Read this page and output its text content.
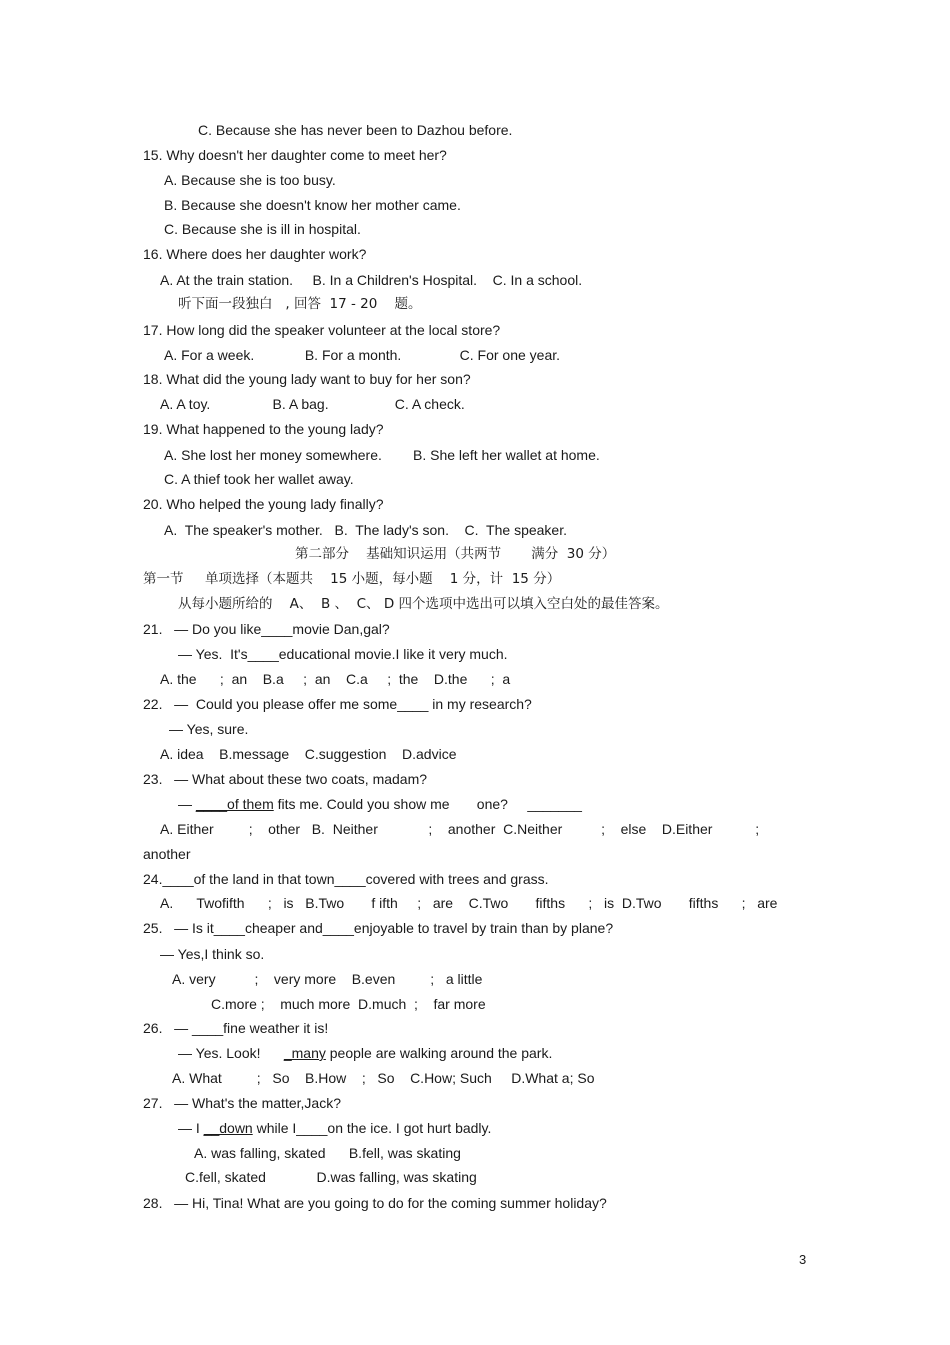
C. Because she has never been to Dazhou before.
15. Why doesn't her daughter come to meet her?
A. Because she is too busy.
B. Because she doesn't know her mother came.
C. Because she is ill in hospital.
16. Where does her daughter work?
A. At the train station.     B. In a Children's Hospital.    C. In a school.
听下面一段独白   , 回答  17 - 20    题。
17. How long did the speaker volunteer at the local store?
A. For a week.             B. For a month.               C. For one year.
18. What did the young lady want to buy for her son?
A. A toy.                B. A bag.                 C. A check.
19. What happened to the young lady?
A. She lost her money somewhere.        B. She left her wallet at home.
C. A thief took her wallet away.
20. Who helped the young lady finally?
A.  The speaker's mother.   B.  The lady's son.    C.  The speaker.
第二部分    基础知识运用（共两节       满分  30 分）
第一节     单项选择（本题共    15 小题，每小题    1 分，计  15 分）
从每小题所给的    A、  B 、  C、 D 四个选项中选出可以填入空白处的最佳答案。
21.   — Do you like____movie Dan,gal?
— Yes.  It's____educational movie.I like it very much.
A. the      ;  an    B.a     ;  an    C.a     ;  the    D.the      ;  a
22.   —  Could you please offer me some____ in my research?
— Yes, sure.
A. idea    B.message    C.suggestion    D.advice
23.   — What about these two coats, madam?
— ____of them fits me. Could you show me       one?     _______
A. Either         ;    other   B.  Neither             ;    another  C.Neither          ;    else    D.Either           ;
another
24.____of the land in that town____covered with trees and grass.
A.      Twofifth      ;   is   B.Two       f ifth     ;   are    C.Two       fifths      ;   is  D.Two       fifths      ;   are
25.   — Is it____cheaper and____enjoyable to travel by train than by plane?
— Yes,I think so.
A. very          ;    very more    B.even         ;   a little
C.more ;    much more  D.much  ;    far more
26.   — ____fine weather it is!
— Yes. Look!      _many people are walking around the park.
A. What         ;   So    B.How    ;   So    C.How; Such     D.What a; So
27.   — What's the matter,Jack?
— I __down while I____on the ice. I got hurt badly.
A. was falling, skated      B.fell, was skating
C.fell, skated             D.was falling, was skating
28.   — Hi, Tina! What are you going to do for the coming summer holiday?
3
